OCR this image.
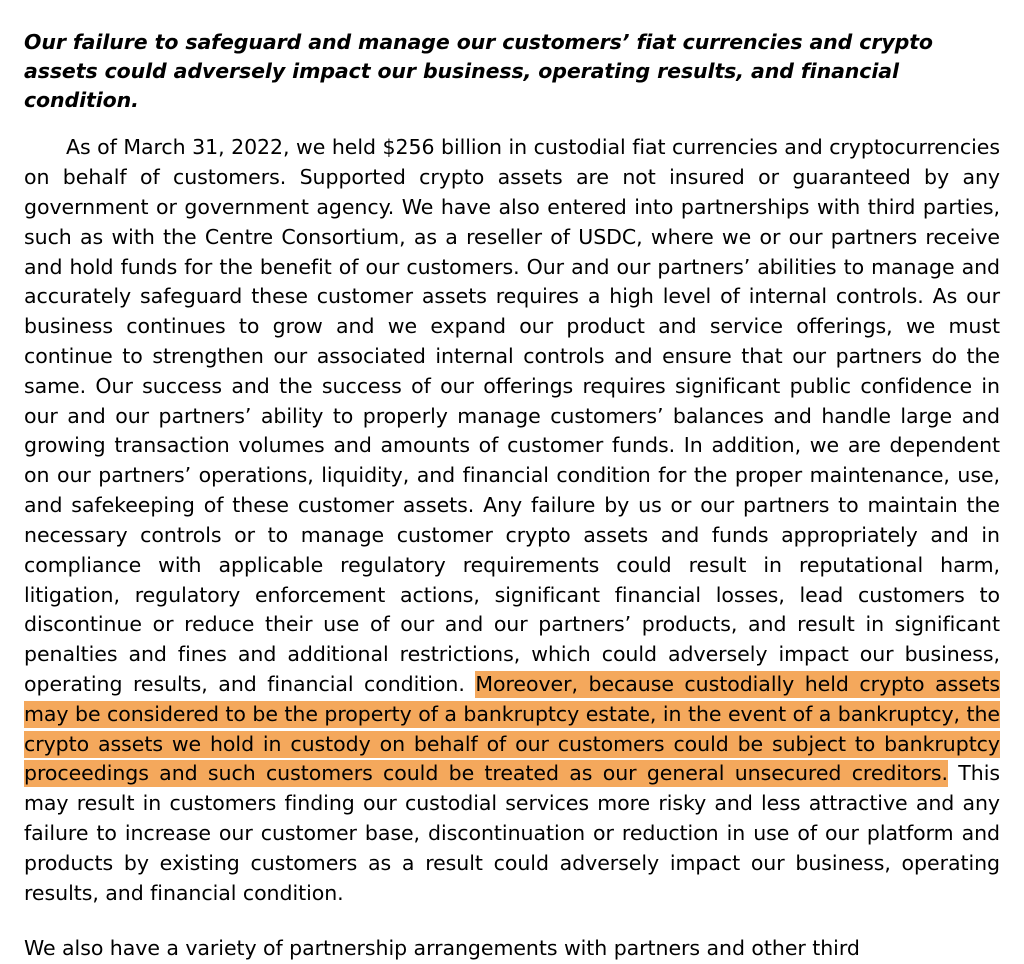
Our failure to safeguard and manage our customers’ fiat currencies and crypto assets could adversely impact our business, operating results, and financial condition.

As of March 31, 2022, we held $256 billion in custodial fiat currencies and cryptocurrencies on behalf of customers. Supported crypto assets are not insured or guaranteed by any government or government agency. We have also entered into partnerships with third parties, such as with the Centre Consortium, as a reseller of USDC, where we or our partners receive and hold funds for the benefit of our customers. Our and our partners’ abilities to manage and accurately safeguard these customer assets requires a high level of internal controls. As our business continues to grow and we expand our product and service offerings, we must continue to strengthen our associated internal controls and ensure that our partners do the same. Our success and the success of our offerings requires significant public confidence in our and our partners’ ability to properly manage customers’ balances and handle large and growing transaction volumes and amounts of customer funds. In addition, we are dependent on our partners’ operations, liquidity, and financial condition for the proper maintenance, use, and safekeeping of these customer assets. Any failure by us or our partners to maintain the necessary controls or to manage customer crypto assets and funds appropriately and in compliance with applicable regulatory requirements could result in reputational harm, litigation, regulatory enforcement actions, significant financial losses, lead customers to discontinue or reduce their use of our and our partners’ products, and result in significant penalties and fines and additional restrictions, which could adversely impact our business, operating results, and financial condition. Moreover, because custodially held crypto assets may be considered to be the property of a bankruptcy estate, in the event of a bankruptcy, the crypto assets we hold in custody on behalf of our customers could be subject to bankruptcy proceedings and such customers could be treated as our general unsecured creditors. This may result in customers finding our custodial services more risky and less attractive and any failure to increase our customer base, discontinuation or reduction in use of our platform and products by existing customers as a result could adversely impact our business, operating results, and financial condition.

We also have a variety of partnership arrangements with partners and other third
